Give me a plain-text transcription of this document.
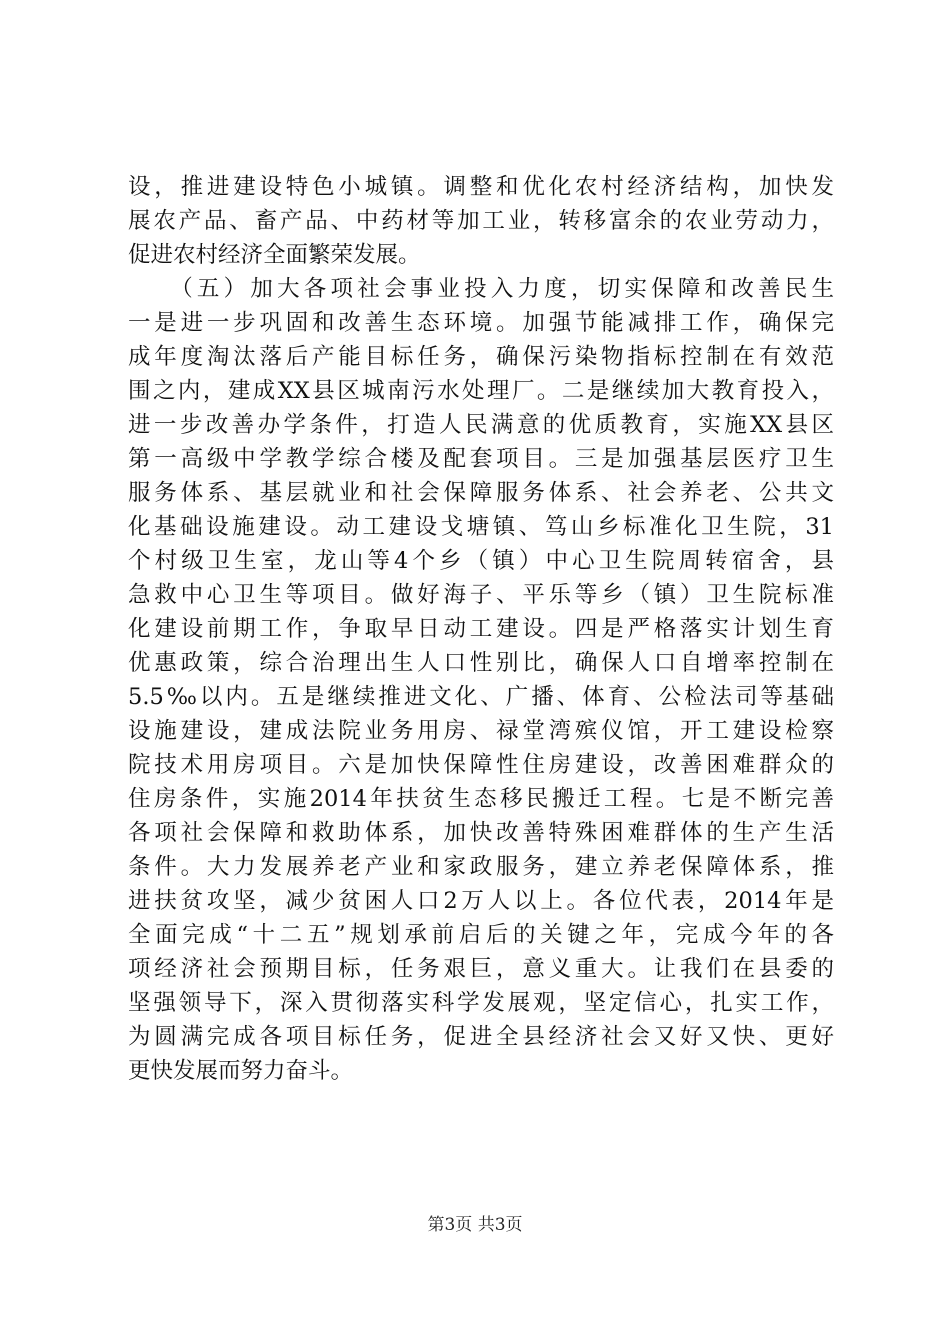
设，推进建设特色小城镇。调整和优化农村经济结构，加快发
展农产品、畜产品、中药材等加工业，转移富余的农业劳动力，
促进农村经济全面繁荣发展。
　　（五）加大各项社会事业投入力度，切实保障和改善民生
一是进一步巩固和改善生态环境。加强节能减排工作，确保完
成年度淘汰落后产能目标任务，确保污染物指标控制在有效范
围之内，建成XX县区城南污水处理厂。二是继续加大教育投入，
进一步改善办学条件，打造人民满意的优质教育，实施XX县区
第一高级中学教学综合楼及配套项目。三是加强基层医疗卫生
服务体系、基层就业和社会保障服务体系、社会养老、公共文
化基础设施建设。动工建设戈塘镇、笃山乡标准化卫生院，31
个村级卫生室，龙山等4个乡（镇）中心卫生院周转宿舍，县
急救中心卫生等项目。做好海子、平乐等乡（镇）卫生院标准
化建设前期工作，争取早日动工建设。四是严格落实计划生育
优惠政策，综合治理出生人口性别比，确保人口自增率控制在
5.5‰以内。五是继续推进文化、广播、体育、公检法司等基础
设施建设，建成法院业务用房、禄堂湾殡仪馆，开工建设检察
院技术用房项目。六是加快保障性住房建设，改善困难群众的
住房条件，实施2014年扶贫生态移民搬迁工程。七是不断完善
各项社会保障和救助体系，加快改善特殊困难群体的生产生活
条件。大力发展养老产业和家政服务，建立养老保障体系，推
进扶贫攻坚，减少贫困人口2万人以上。各位代表，2014年是
全面完成“十二五”规划承前启后的关键之年，完成今年的各
项经济社会预期目标，任务艰巨，意义重大。让我们在县委的
坚强领导下，深入贯彻落实科学发展观，坚定信心，扎实工作，
为圆满完成各项目标任务，促进全县经济社会又好又快、更好
更快发展而努力奋斗。
第3页 共3页
